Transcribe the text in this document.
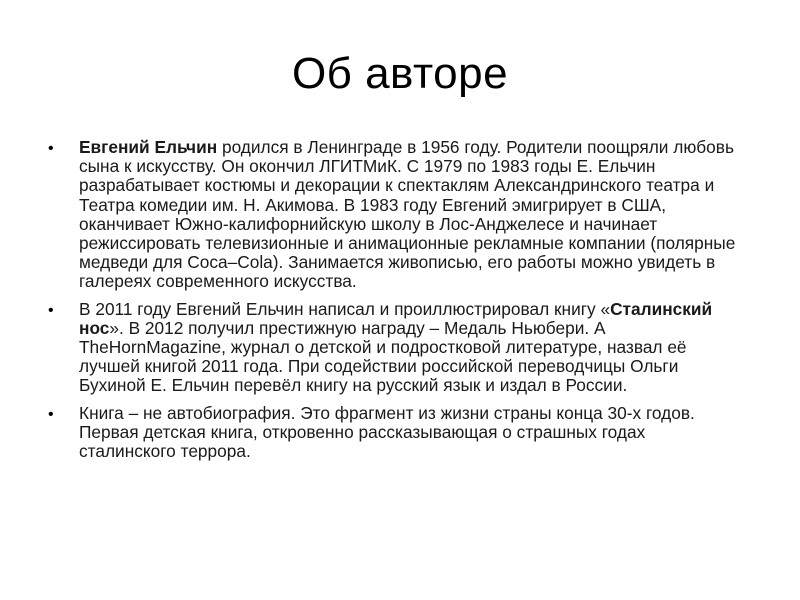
Об авторе
• Евгений Ельчин родился в Ленинграде в 1956 году. Родители поощряли любовь сына к искусству. Он окончил ЛГИТМиК. С 1979 по 1983 годы Е. Ельчин разрабатывает костюмы и декорации к спектаклям Александринского театра и Театра комедии им. Н. Акимова. В 1983 году Евгений эмигрирует в США, оканчивает Южно-калифорнийскую школу в Лос-Анджелесе и начинает режиссировать телевизионные и анимационные рекламные компании (полярные медведи для Coca–Cola). Занимается живописью, его работы можно увидеть в галереях современного искусства.
• В 2011 году Евгений Ельчин написал и проиллюстрировал книгу «Сталинский нос». В 2012 получил престижную награду – Медаль Ньюбери. А TheHornMagazine, журнал о детской и подростковой литературе, назвал её лучшей книгой 2011 года. При содействии российской переводчицы Ольги Бухиной Е. Ельчин перевёл книгу на русский язык и издал в России.
• Книга – не автобиография. Это фрагмент из жизни страны конца 30-х годов. Первая детская книга, откровенно рассказывающая о страшных годах сталинского террора.
